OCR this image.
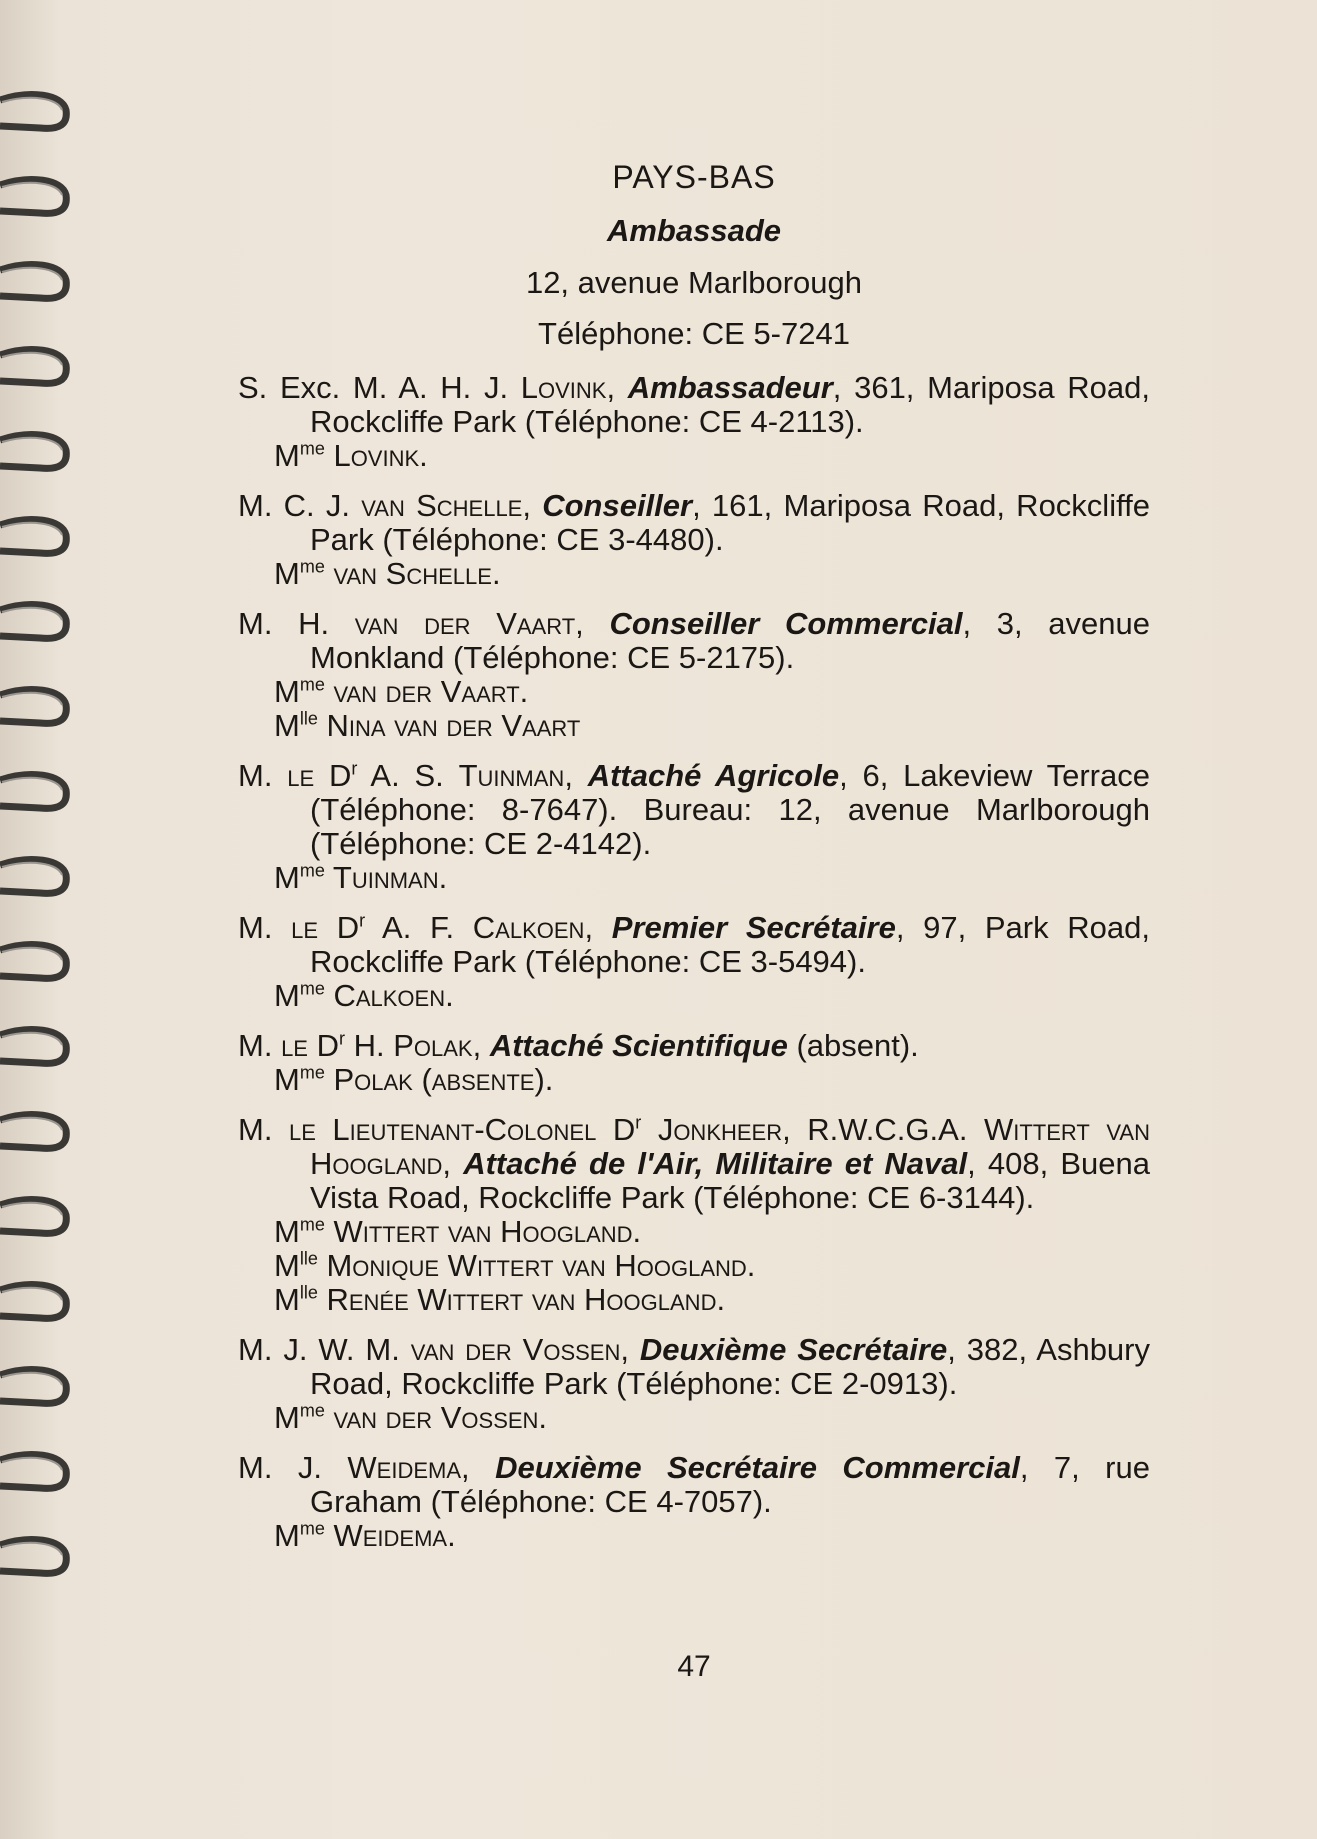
PAYS-BAS
Ambassade
12, avenue Marlborough
Téléphone: CE 5-7241
S. Exc. M. A. H. J. Lovink, Ambassadeur, 361, Mariposa Road, Rockcliffe Park (Téléphone: CE 4-2113).
$M^{me}$ Lovink.
M. C. J. van Schelle, Conseiller, 161, Mariposa Road, Rockcliffe Park (Téléphone: CE 3-4480).
$M^{me}$ van Schelle.
M. H. van der Vaart, Conseiller Commercial, 3, avenue Monkland (Téléphone: CE 5-2175).
$M^{me}$ van der Vaart.
$M^{lle}$ Nina van der Vaart
M. le $D^r$ A. S. Tuinman, Attaché Agricole, 6, Lakeview Terrace (Téléphone: 8-7647). Bureau: 12, avenue Marlborough (Téléphone: CE 2-4142).
$M^{me}$ Tuinman.
M. le $D^r$ A. F. Calkoen, Premier Secrétaire, 97, Park Road, Rockcliffe Park (Téléphone: CE 3-5494).
$M^{me}$ Calkoen.
M. le $D^r$ H. Polak, Attaché Scientifique (absent).
$M^{me}$ Polak (absente).
M. le Lieutenant-Colonel $D^r$ Jonkheer, R.W.C.G.A. Wittert van Hoogland, Attaché de l'Air, Militaire et Naval, 408, Buena Vista Road, Rockcliffe Park (Téléphone: CE 6-3144).
$M^{me}$ Wittert van Hoogland.
$M^{lle}$ Monique Wittert van Hoogland.
$M^{lle}$ Renée Wittert van Hoogland.
M. J. W. M. van der Vossen, Deuxième Secrétaire, 382, Ashbury Road, Rockcliffe Park (Téléphone: CE 2-0913).
$M^{me}$ van der Vossen.
M. J. Weidema, Deuxième Secrétaire Commercial, 7, rue Graham (Téléphone: CE 4-7057).
$M^{me}$ Weidema.
47
